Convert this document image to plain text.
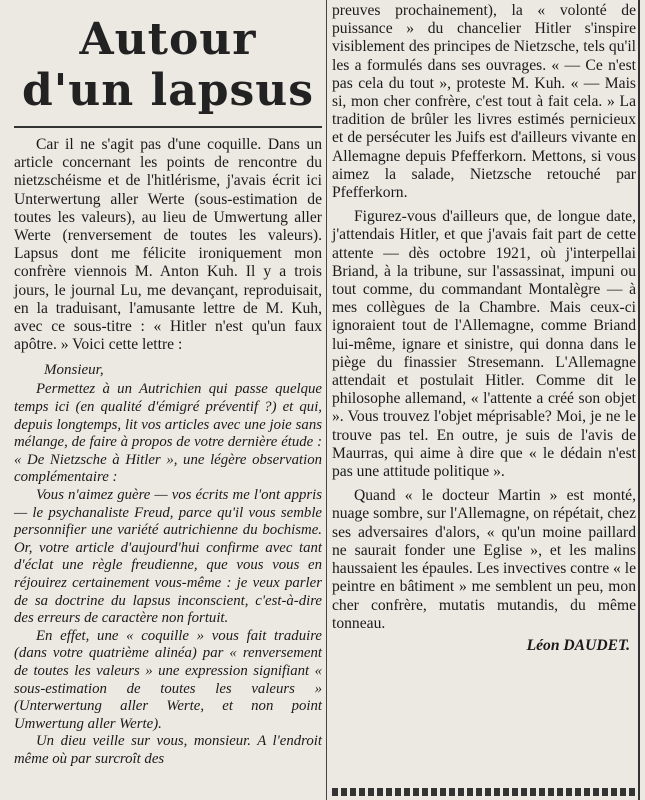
Autour
d'un lapsus

Car il ne s'agit pas d'une coquille. Dans un article concernant les points de rencontre du nietzschéisme et de l'hitlérisme, j'avais écrit ici Unterwertung aller Werte (sous-estimation de toutes les valeurs), au lieu de Umwertung aller Werte (renversement de toutes les valeurs). Lapsus dont me félicite ironiquement mon confrère viennois M. Anton Kuh. Il y a trois jours, le journal Lu, me devançant, reproduisait, en la traduisant, l'amusante lettre de M. Kuh, avec ce sous-titre : « Hitler n'est qu'un faux apôtre. » Voici cette lettre :

Monsieur,

Permettez à un Autrichien qui passe quelque temps ici (en qualité d'émigré préventif ?) et qui, depuis longtemps, lit vos articles avec une joie sans mélange, de faire à propos de votre dernière étude : « De Nietzsche à Hitler », une légère observation complémentaire :

Vous n'aimez guère — vos écrits me l'ont appris — le psychanaliste Freud, parce qu'il vous semble personnifier une variété autrichienne du bochisme. Or, votre article d'aujourd'hui confirme avec tant d'éclat une règle freudienne, que vous vous en réjouirez certainement vous-même : je veux parler de sa doctrine du lapsus inconscient, c'est-à-dire des erreurs de caractère non fortuit.

En effet, une « coquille » vous fait traduire (dans votre quatrième alinéa) par « renversement de toutes les valeurs » une expression signifiant « sous-estimation de toutes les valeurs » (Unterwertung aller Werte, et non point Umwertung aller Werte).

Un dieu veille sur vous, monsieur. A l'endroit même où par surcroît des

preuves prochainement), la « volonté de puissance » du chancelier Hitler s'inspire visiblement des principes de Nietzsche, tels qu'il les a formulés dans ses ouvrages. « — Ce n'est pas cela du tout », proteste M. Kuh. « — Mais si, mon cher confrère, c'est tout à fait cela. » La tradition de brûler les livres estimés pernicieux et de persécuter les Juifs est d'ailleurs vivante en Allemagne depuis Pfefferkorn. Mettons, si vous aimez la salade, Nietzsche retouché par Pfefferkorn.

Figurez-vous d'ailleurs que, de longue date, j'attendais Hitler, et que j'avais fait part de cette attente — dès octobre 1921, où j'interpellai Briand, à la tribune, sur l'assassinat, impuni ou tout comme, du commandant Montalègre — à mes collègues de la Chambre. Mais ceux-ci ignoraient tout de l'Allemagne, comme Briand lui-même, ignare et sinistre, qui donna dans le piège du finassier Stresemann. L'Allemagne attendait et postulait Hitler. Comme dit le philosophe allemand, « l'attente a créé son objet ». Vous trouvez l'objet méprisable? Moi, je ne le trouve pas tel. En outre, je suis de l'avis de Maurras, qui aime à dire que « le dédain n'est pas une attitude politique ».

Quand « le docteur Martin » est monté, nuage sombre, sur l'Allemagne, on répétait, chez ses adversaires d'alors, « qu'un moine paillard ne saurait fonder une Eglise », et les malins haussaient les épaules. Les invectives contre « le peintre en bâtiment » me semblent un peu, mon cher confrère, mutatis mutandis, du même tonneau.

Léon DAUDET.
